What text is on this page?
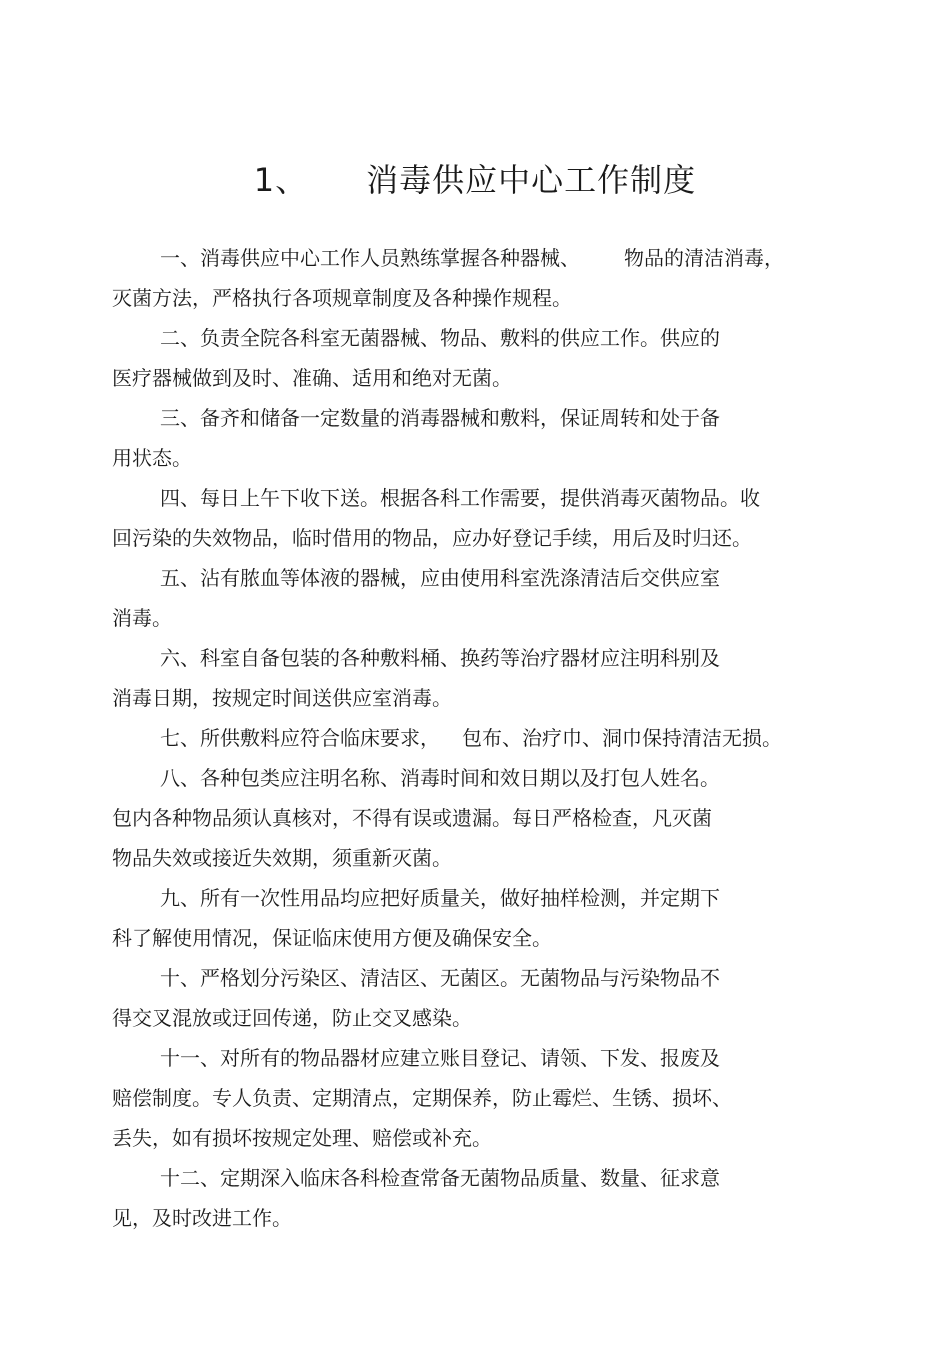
1、 消毒供应中心工作制度
一、消毒供应中心工作人员熟练掌握各种器械、 物品的清洁消毒，
灭菌方法，严格执行各项规章制度及各种操作规程。
二、负责全院各科室无菌器械、物品、敷料的供应工作。供应的
医疗器械做到及时、准确、适用和绝对无菌。
三、备齐和储备一定数量的消毒器械和敷料，保证周转和处于备
用状态。
四、每日上午下收下送。根据各科工作需要，提供消毒灭菌物品。收
回污染的失效物品，临时借用的物品，应办好登记手续，用后及时归还。
五、沾有脓血等体液的器械，应由使用科室洗涤清洁后交供应室
消毒。
六、科室自备包装的各种敷料桶、换药等治疗器材应注明科别及
消毒日期，按规定时间送供应室消毒。
七、所供敷料应符合临床要求， 包布、治疗巾、洞巾保持清洁无损。
八、各种包类应注明名称、消毒时间和效日期以及打包人姓名。
包内各种物品须认真核对，不得有误或遗漏。每日严格检查，凡灭菌
物品失效或接近失效期，须重新灭菌。
九、所有一次性用品均应把好质量关，做好抽样检测，并定期下
科了解使用情况，保证临床使用方便及确保安全。
十、严格划分污染区、清洁区、无菌区。无菌物品与污染物品不
得交叉混放或迂回传递，防止交叉感染。
十一、对所有的物品器材应建立账目登记、请领、下发、报废及
赔偿制度。专人负责、定期清点，定期保养，防止霉烂、生锈、损坏、
丢失，如有损坏按规定处理、赔偿或补充。
十二、定期深入临床各科检查常备无菌物品质量、数量、征求意
见，及时改进工作。
